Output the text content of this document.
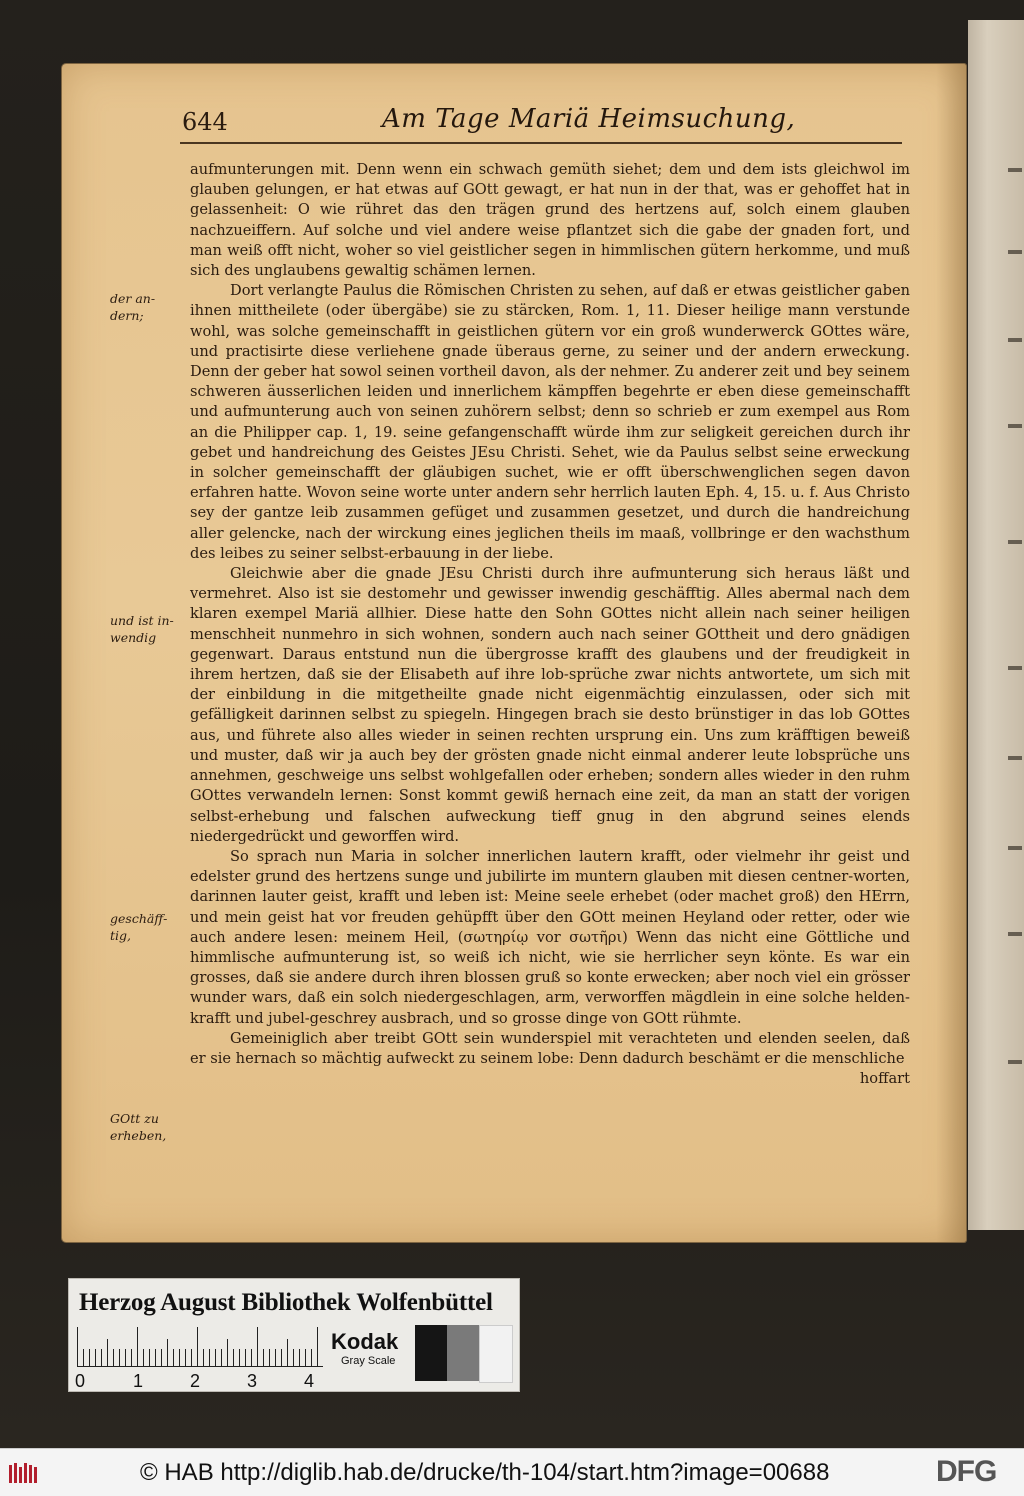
644	Am Tage Mariä Heimsuchung,
der an-
dern;
und ist in-
wendig
geschäff-
tig,
GOtt zu
erheben,

aufmunterungen mit. Denn wenn ein schwach gemüth siehet; dem und dem ists gleichwol im glauben gelungen, er hat etwas auf GOtt gewagt, er hat nun in der that, was er gehoffet hat in gelassenheit: O wie rühret das den trägen grund des hertzens auf, solch einem glauben nachzueiffern. Auf solche und viel andere weise pflantzet sich die gabe der gnaden fort, und man weiß offt nicht, woher so viel geistlicher segen in himmlischen gütern herkomme, und muß sich des unglaubens gewaltig schämen lernen.

Dort verlangte Paulus die Römischen Christen zu sehen, auf daß er etwas geistlicher gaben ihnen mittheilete (oder übergäbe) sie zu stärcken, Rom. 1, 11. Dieser heilige mann verstunde wohl, was solche gemeinschafft in geistlichen gütern vor ein groß wunderwerck GOttes wäre, und practisirte diese verliehene gnade überaus gerne, zu seiner und der andern erweckung. Denn der geber hat sowol seinen vortheil davon, als der nehmer. Zu anderer zeit und bey seinem schweren äusserlichen leiden und innerlichem kämpffen begehrte er eben diese gemeinschafft und aufmunterung auch von seinen zuhörern selbst; denn so schrieb er zum exempel aus Rom an die Philipper cap. 1, 19. seine gefangenschafft würde ihm zur seligkeit gereichen durch ihr gebet und handreichung des Geistes JEsu Christi. Sehet, wie da Paulus selbst seine erweckung in solcher gemeinschafft der gläubigen suchet, wie er offt überschwenglichen segen davon erfahren hatte. Wovon seine worte unter andern sehr herrlich lauten Eph. 4, 15. u. f. Aus Christo sey der gantze leib zusammen gefüget und zusammen gesetzet, und durch die handreichung aller gelencke, nach der wirckung eines jeglichen theils im maaß, vollbringe er den wachsthum des leibes zu seiner selbst-erbauung in der liebe.

Gleichwie aber die gnade JEsu Christi durch ihre aufmunterung sich heraus läßt und vermehret. Also ist sie destomehr und gewisser inwendig geschäfftig. Alles abermal nach dem klaren exempel Mariä allhier. Diese hatte den Sohn GOttes nicht allein nach seiner heiligen menschheit nunmehro in sich wohnen, sondern auch nach seiner GOttheit und dero gnädigen gegenwart. Daraus entstund nun die übergrosse krafft des glaubens und der freudigkeit in ihrem hertzen, daß sie der Elisabeth auf ihre lob-sprüche zwar nichts antwortete, um sich mit der einbildung in die mitgetheilte gnade nicht eigenmächtig einzulassen, oder sich mit gefälligkeit darinnen selbst zu spiegeln. Hingegen brach sie desto brünstiger in das lob GOttes aus, und führete also alles wieder in seinen rechten ursprung ein. Uns zum kräfftigen beweiß und muster, daß wir ja auch bey der grösten gnade nicht einmal anderer leute lobsprüche uns annehmen, geschweige uns selbst wohlgefallen oder erheben; sondern alles wieder in den ruhm GOttes verwandeln lernen: Sonst kommt gewiß hernach eine zeit, da man an statt der vorigen selbst-erhebung und falschen aufweckung tieff gnug in den abgrund seines elends niedergedrückt und geworffen wird.

So sprach nun Maria in solcher innerlichen lautern krafft, oder vielmehr ihr geist und edelster grund des hertzens sunge und jubilirte im muntern glauben mit diesen centner-worten, darinnen lauter geist, krafft und leben ist: Meine seele erhebet (oder machet groß) den HErrn, und mein geist hat vor freuden gehüpfft über den GOtt meinen Heyland oder retter, oder wie auch andere lesen: meinem Heil, (σωτηρίῳ vor σωτῆρι) Wenn das nicht eine Göttliche und himmlische aufmunterung ist, so weiß ich nicht, wie sie herrlicher seyn könte. Es war ein grosses, daß sie andere durch ihren blossen gruß so konte erwecken; aber noch viel ein grösser wunder wars, daß ein solch niedergeschlagen, arm, verworffen mägdlein in eine solche helden-krafft und jubel-geschrey ausbrach, und so grosse dinge von GOtt rühmte.

Gemeiniglich aber treibt GOtt sein wunderspiel mit verachteten und elenden seelen, daß er sie hernach so mächtig aufweckt zu seinem lobe: Denn dadurch beschämt er die menschliche

hoffart

Herzog August Bibliothek Wolfenbüttel
0	1	2	3	4
Kodak
Gray Scale
© HAB http://diglib.hab.de/drucke/th-104/start.htm?image=00688	DFG
